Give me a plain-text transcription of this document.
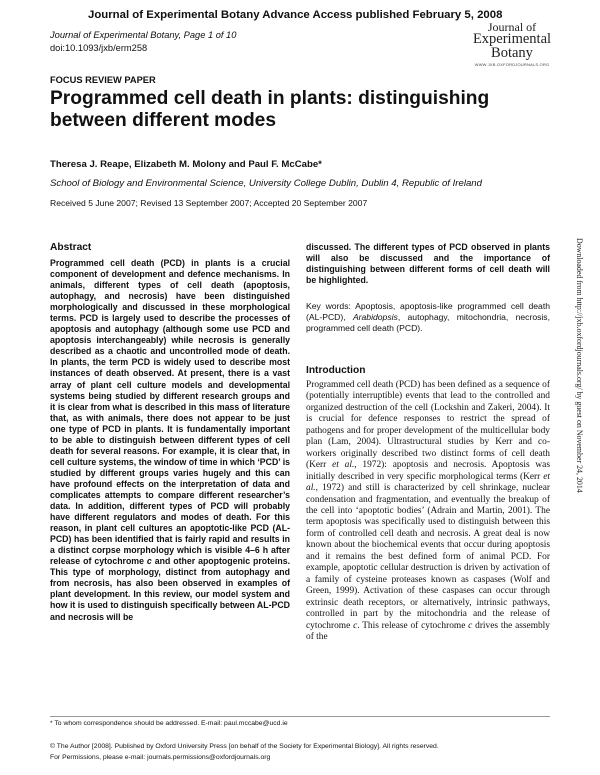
Journal of Experimental Botany Advance Access published February 5, 2008
Journal of Experimental Botany, Page 1 of 10
doi:10.1093/jxb/erm258
Journal of
Experimental
Botany
WWW.JXB.OXFORDJOURNALS.ORG
FOCUS REVIEW PAPER
Programmed cell death in plants: distinguishing between different modes
Theresa J. Reape, Elizabeth M. Molony and Paul F. McCabe*
School of Biology and Environmental Science, University College Dublin, Dublin 4, Republic of Ireland
Received 5 June 2007; Revised 13 September 2007; Accepted 20 September 2007
Downloaded from http://jxb.oxfordjournals.org/ by guest on November 24, 2014
Abstract
Programmed cell death (PCD) in plants is a crucial component of development and defence mechanisms. In animals, different types of cell death (apoptosis, autophagy, and necrosis) have been distinguished morphologically and discussed in these morphological terms. PCD is largely used to describe the processes of apoptosis and autophagy (although some use PCD and apoptosis interchangeably) while necrosis is generally described as a chaotic and uncontrolled mode of death. In plants, the term PCD is widely used to describe most instances of death observed. At present, there is a vast array of plant cell culture models and developmental systems being studied by different research groups and it is clear from what is described in this mass of literature that, as with animals, there does not appear to be just one type of PCD in plants. It is fundamentally important to be able to distinguish between different types of cell death for several reasons. For example, it is clear that, in cell culture systems, the window of time in which ‘PCD’ is studied by different groups varies hugely and this can have profound effects on the interpretation of data and complicates attempts to compare different researcher’s data. In addition, different types of PCD will probably have different regulators and modes of death. For this reason, in plant cell cultures an apoptotic-like PCD (AL-PCD) has been identified that is fairly rapid and results in a distinct corpse morphology which is visible 4–6 h after release of cytochrome c and other apoptogenic proteins. This type of morphology, distinct from autophagy and from necrosis, has also been observed in examples of plant development. In this review, our model system and how it is used to distinguish specifically between AL-PCD and necrosis will be
discussed. The different types of PCD observed in plants will also be discussed and the importance of distinguishing between different forms of cell death will be highlighted.
Key words: Apoptosis, apoptosis-like programmed cell death (AL-PCD), Arabidopsis, autophagy, mitochondria, necrosis, programmed cell death (PCD).
Introduction
Programmed cell death (PCD) has been defined as a sequence of (potentially interruptible) events that lead to the controlled and organized destruction of the cell (Lockshin and Zakeri, 2004). It is crucial for defence responses to restrict the spread of pathogens and for proper development of the multicellular body plan (Lam, 2004). Ultrastructural studies by Kerr and co-workers originally described two distinct forms of cell death (Kerr et al., 1972): apoptosis and necrosis. Apoptosis was initially described in very specific morphological terms (Kerr et al., 1972) and still is characterized by cell shrinkage, nuclear condensation and fragmentation, and eventually the breakup of the cell into ‘apoptotic bodies’ (Adrain and Martin, 2001). The term apoptosis was specifically used to distinguish between this form of controlled cell death and necrosis. A great deal is now known about the biochemical events that occur during apoptosis and it remains the best defined form of animal PCD. For example, apoptotic cellular destruction is driven by activation of a family of cysteine proteases known as caspases (Wolf and Green, 1999). Activation of these caspases can occur through extrinsic death receptors, or alternatively, intrinsic pathways, controlled in part by the mitochondria and the release of cytochrome c. This release of cytochrome c drives the assembly of the
* To whom correspondence should be addressed. E-mail: paul.mccabe@ucd.ie
© The Author [2008]. Published by Oxford University Press [on behalf of the Society for Experimental Biology]. All rights reserved.
For Permissions, please e-mail: journals.permissions@oxfordjournals.org
